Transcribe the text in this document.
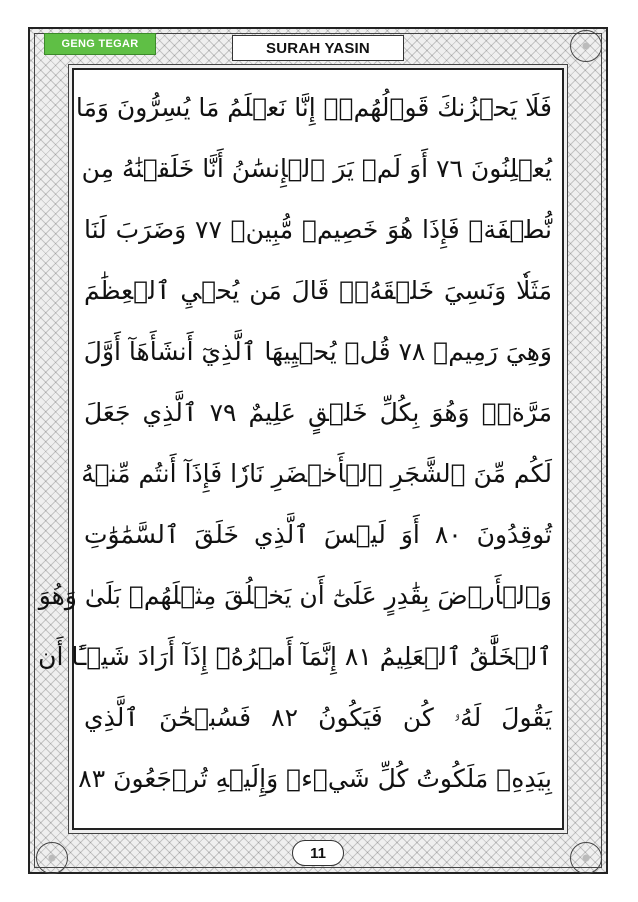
GENG TEGAR	SURAH YASIN
فَلَا يَحۡزُنكَ قَوۡلُهُمۡۘ إِنَّا نَعۡلَمُ مَا يُسِرُّونَ وَمَا
يُعۡلِنُونَ ٧٦ أَوَ لَمۡ يَرَ ٱلۡإِنسَٰنُ أَنَّا خَلَقۡنَٰهُ مِن
نُّطۡفَةٖ فَإِذَا هُوَ خَصِيمٞ مُّبِينٞ ٧٧ وَضَرَبَ لَنَا
مَثَلٗا وَنَسِيَ خَلۡقَهُۥۖ قَالَ مَن يُحۡيِ ٱلۡعِظَٰمَ
وَهِيَ رَمِيمٞ ٧٨ قُلۡ يُحۡيِيهَا ٱلَّذِيٓ أَنشَأَهَآ أَوَّلَ
مَرَّةٖۖ وَهُوَ بِكُلِّ خَلۡقٍ عَلِيمٌ ٧٩ ٱلَّذِي جَعَلَ
لَكُم مِّنَ ٱلشَّجَرِ ٱلۡأَخۡضَرِ نَارٗا فَإِذَآ أَنتُم مِّنۡهُ
تُوقِدُونَ ٨٠ أَوَ لَيۡسَ ٱلَّذِي خَلَقَ ٱلسَّمَٰوَٰتِ
وَٱلۡأَرۡضَ بِقَٰدِرٍ عَلَىٰٓ أَن يَخۡلُقَ مِثۡلَهُمۚ بَلَىٰ وَهُوَ
ٱلۡخَلَّٰقُ ٱلۡعَلِيمُ ٨١ إِنَّمَآ أَمۡرُهُۥٓ إِذَآ أَرَادَ شَيۡـًٔا أَن
يَقُولَ لَهُۥ كُن فَيَكُونُ ٨٢ فَسُبۡحَٰنَ ٱلَّذِي
بِيَدِهِۦ مَلَكُوتُ كُلِّ شَيۡءٖ وَإِلَيۡهِ تُرۡجَعُونَ ٨٣
11
